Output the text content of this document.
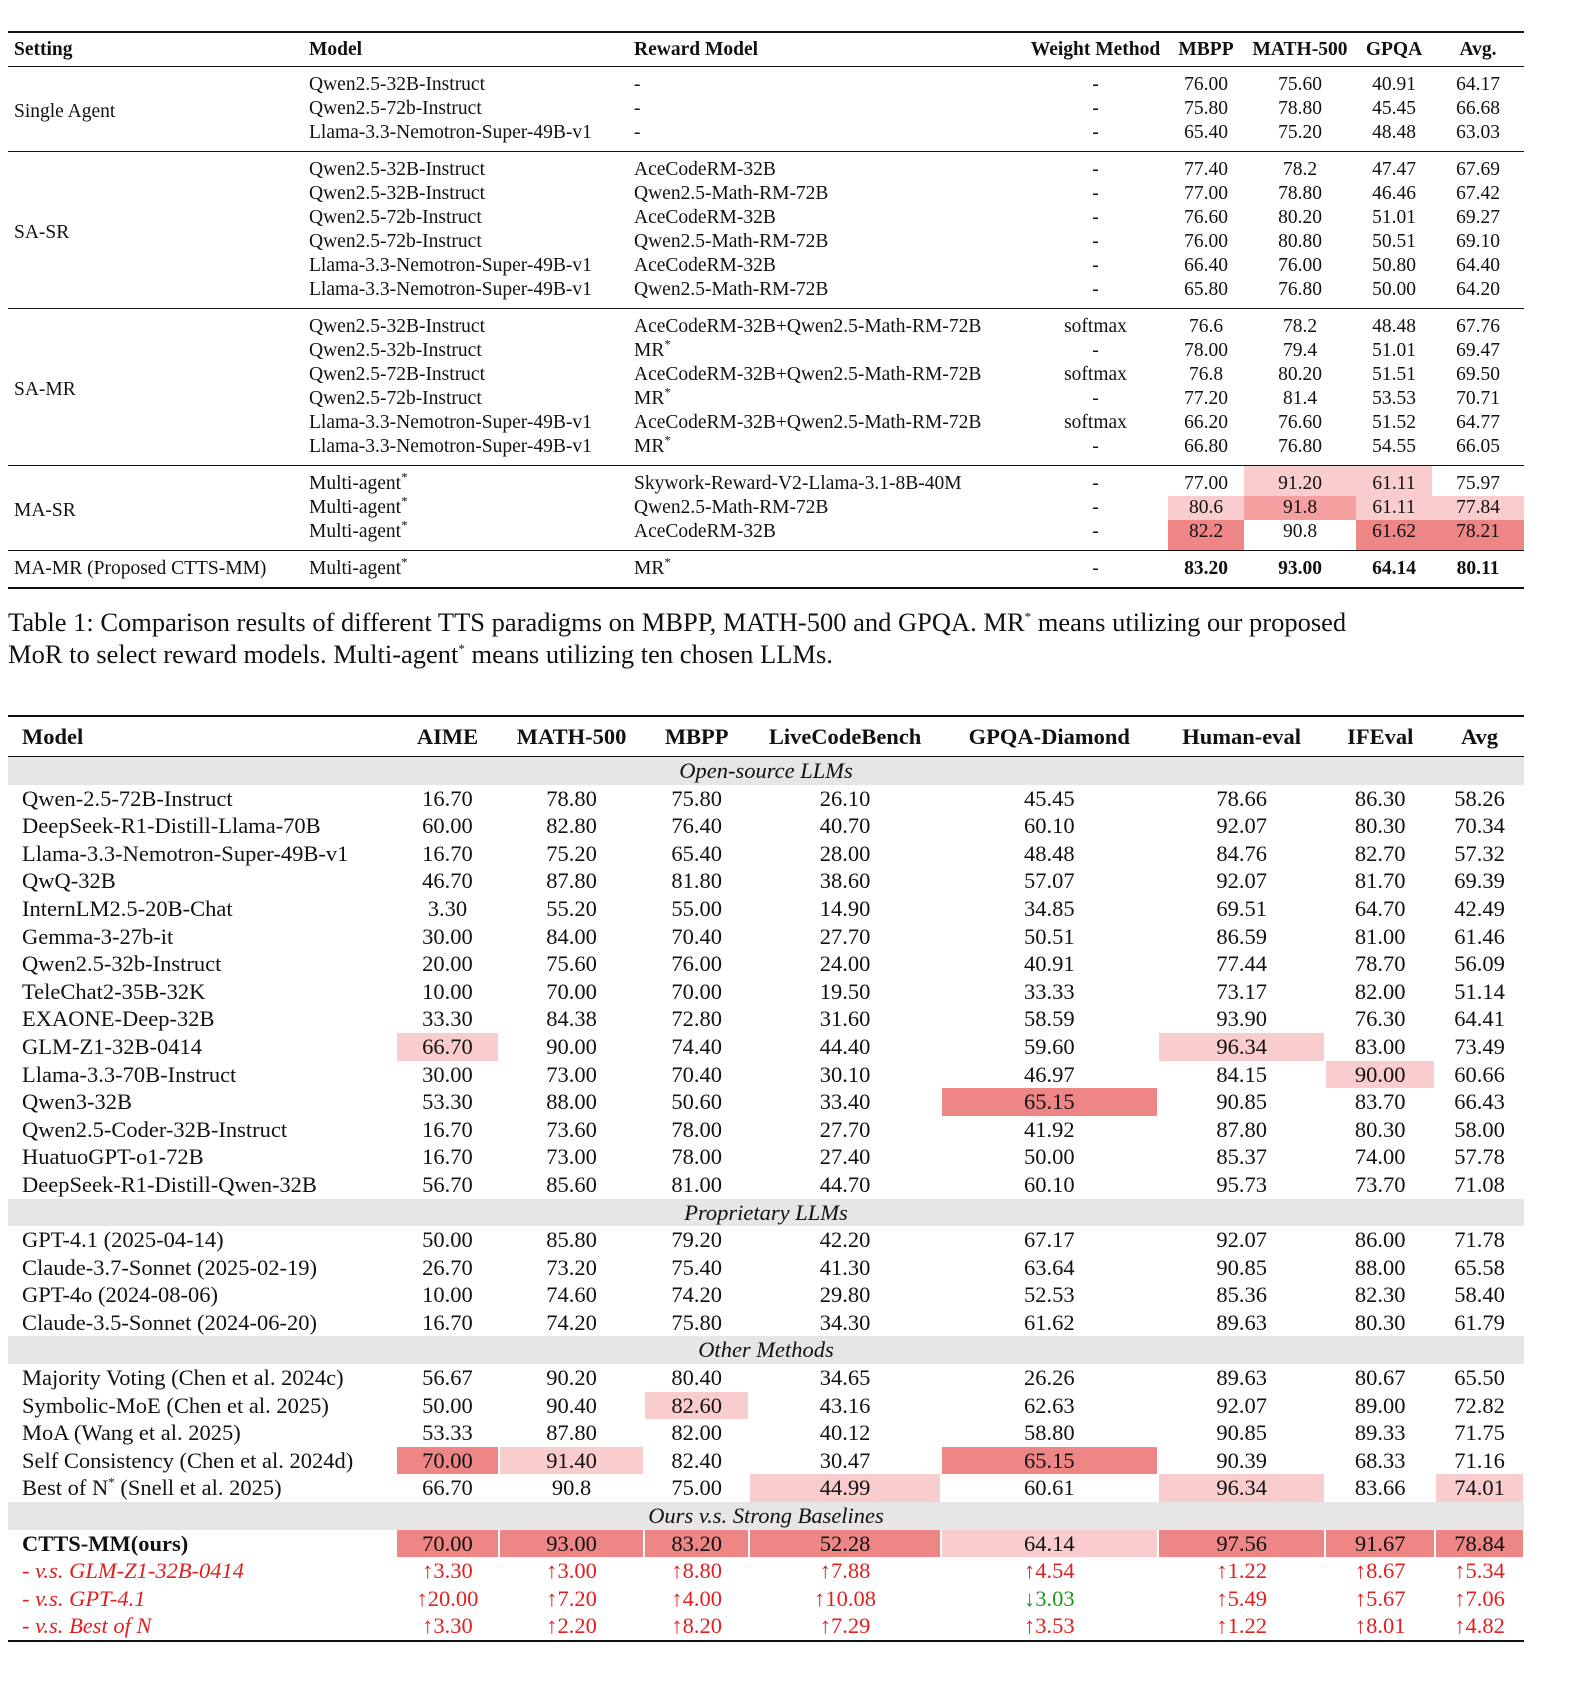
Setting	Model	Reward Model	Weight Method	MBPP	MATH-500	GPQA	Avg.
Single Agent	Qwen2.5-32B-Instruct	-	-	76.00	75.60	40.91	64.17
	Qwen2.5-72b-Instruct	-	-	75.80	78.80	45.45	66.68
	Llama-3.3-Nemotron-Super-49B-v1	-	-	65.40	75.20	48.48	63.03
SA-SR	Qwen2.5-32B-Instruct	AceCodeRM-32B	-	77.40	78.2	47.47	67.69
	Qwen2.5-32B-Instruct	Qwen2.5-Math-RM-72B	-	77.00	78.80	46.46	67.42
	Qwen2.5-72b-Instruct	AceCodeRM-32B	-	76.60	80.20	51.01	69.27
	Qwen2.5-72b-Instruct	Qwen2.5-Math-RM-72B	-	76.00	80.80	50.51	69.10
	Llama-3.3-Nemotron-Super-49B-v1	AceCodeRM-32B	-	66.40	76.00	50.80	64.40
	Llama-3.3-Nemotron-Super-49B-v1	Qwen2.5-Math-RM-72B	-	65.80	76.80	50.00	64.20
SA-MR	Qwen2.5-32B-Instruct	AceCodeRM-32B+Qwen2.5-Math-RM-72B	softmax	76.6	78.2	48.48	67.76
	Qwen2.5-32b-Instruct	MR*	-	78.00	79.4	51.01	69.47
	Qwen2.5-72B-Instruct	AceCodeRM-32B+Qwen2.5-Math-RM-72B	softmax	76.8	80.20	51.51	69.50
	Qwen2.5-72b-Instruct	MR*	-	77.20	81.4	53.53	70.71
	Llama-3.3-Nemotron-Super-49B-v1	AceCodeRM-32B+Qwen2.5-Math-RM-72B	softmax	66.20	76.60	51.52	64.77
	Llama-3.3-Nemotron-Super-49B-v1	MR*	-	66.80	76.80	54.55	66.05
MA-SR	Multi-agent*	Skywork-Reward-V2-Llama-3.1-8B-40M	-	77.00	91.20	61.11	75.97
	Multi-agent*	Qwen2.5-Math-RM-72B	-	80.6	91.8	61.11	77.84
	Multi-agent*	AceCodeRM-32B	-	82.2	90.8	61.62	78.21
MA-MR (Proposed CTTS-MM)	Multi-agent*	MR*	-	83.20	93.00	64.14	80.11

Table 1: Comparison results of different TTS paradigms on MBPP, MATH-500 and GPQA. MR* means utilizing our proposed
MoR to select reward models. Multi-agent* means utilizing ten chosen LLMs.

Model	AIME	MATH-500	MBPP	LiveCodeBench	GPQA-Diamond	Human-eval	IFEval	Avg
Open-source LLMs								
Qwen-2.5-72B-Instruct	16.70	78.80	75.80	26.10	45.45	78.66	86.30	58.26

DeepSeek-R1-Distill-Llama-70B	60.00	82.80	76.40	40.70	60.10	92.07	80.30	70.34

Llama-3.3-Nemotron-Super-49B-v1	16.70	75.20	65.40	28.00	48.48	84.76	82.70	57.32

QwQ-32B	46.70	87.80	81.80	38.60	57.07	92.07	81.70	69.39

InternLM2.5-20B-Chat	3.30	55.20	55.00	14.90	34.85	69.51	64.70	42.49

Gemma-3-27b-it	30.00	84.00	70.40	27.70	50.51	86.59	81.00	61.46

Qwen2.5-32b-Instruct	20.00	75.60	76.00	24.00	40.91	77.44	78.70	56.09

TeleChat2-35B-32K	10.00	70.00	70.00	19.50	33.33	73.17	82.00	51.14

EXAONE-Deep-32B	33.30	84.38	72.80	31.60	58.59	93.90	76.30	64.41

GLM-Z1-32B-0414	66.70	90.00	74.40	44.40	59.60	96.34	83.00	73.49

Llama-3.3-70B-Instruct	30.00	73.00	70.40	30.10	46.97	84.15	90.00	60.66

Qwen3-32B	53.30	88.00	50.60	33.40	65.15	90.85	83.70	66.43

Qwen2.5-Coder-32B-Instruct	16.70	73.60	78.00	27.70	41.92	87.80	80.30	58.00

HuatuoGPT-o1-72B	16.70	73.00	78.00	27.40	50.00	85.37	74.00	57.78

DeepSeek-R1-Distill-Qwen-32B	56.70	85.60	81.00	44.70	60.10	95.73	73.70	71.08

Proprietary LLMs								
GPT-4.1 (2025-04-14)	50.00	85.80	79.20	42.20	67.17	92.07	86.00	71.78

Claude-3.7-Sonnet (2025-02-19)	26.70	73.20	75.40	41.30	63.64	90.85	88.00	65.58

GPT-4o (2024-08-06)	10.00	74.60	74.20	29.80	52.53	85.36	82.30	58.40

Claude-3.5-Sonnet (2024-06-20)	16.70	74.20	75.80	34.30	61.62	89.63	80.30	61.79

Other Methods								
Majority Voting (Chen et al. 2024c)	56.67	90.20	80.40	34.65	26.26	89.63	80.67	65.50

Symbolic-MoE (Chen et al. 2025)	50.00	90.40	82.60	43.16	62.63	92.07	89.00	72.82

MoA (Wang et al. 2025)	53.33	87.80	82.00	40.12	58.80	90.85	89.33	71.75

Self Consistency (Chen et al. 2024d)	70.00	91.40	82.40	30.47	65.15	90.39	68.33	71.16

Best of N* (Snell et al. 2025)	66.70	90.8	75.00	44.99	60.61	96.34	83.66	74.01

Ours v.s. Strong Baselines								
CTTS-MM(ours)	70.00	93.00	83.20	52.28	64.14	97.56	91.67	78.84

- v.s. GLM-Z1-32B-0414	↑3.30	↑3.00	↑8.80	↑7.88	↑4.54	↑1.22	↑8.67	↑5.34

- v.s. GPT-4.1	↑20.00	↑7.20	↑4.00	↑10.08	↓3.03	↑5.49	↑5.67	↑7.06

- v.s. Best of N	↑3.30	↑2.20	↑8.20	↑7.29	↑3.53	↑1.22	↑8.01	↑4.82
